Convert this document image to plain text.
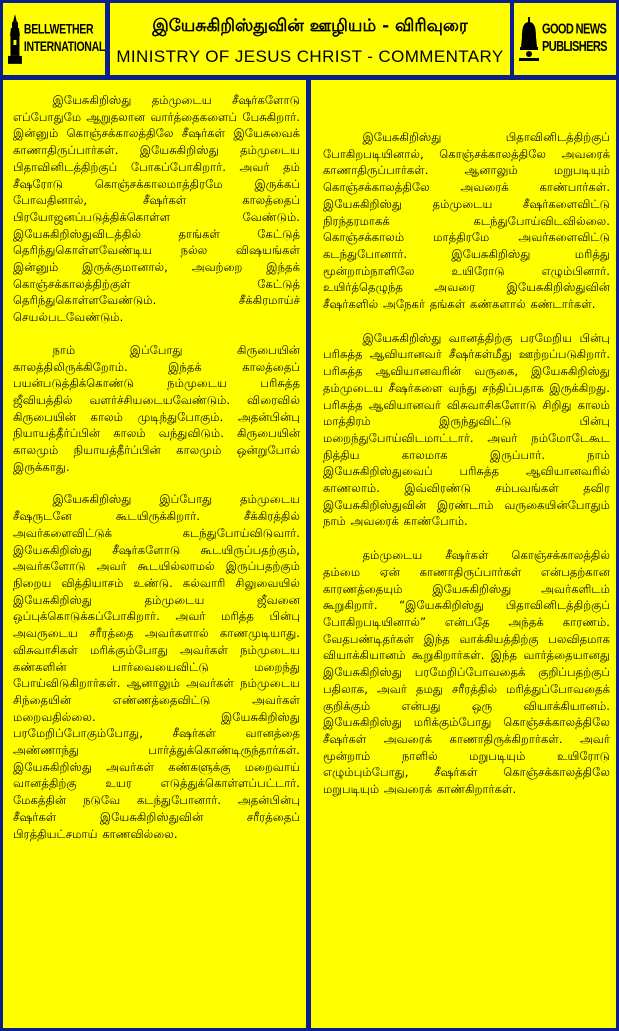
BELLWETHER
INTERNATIONAL
இயேசுகிறிஸ்துவின் ஊழியம் - விரிவுரை
MINISTRY OF JESUS CHRIST - COMMENTARY
GOOD NEWS
PUBLISHERS

இயேசுகிறிஸ்து தம்முடைய சீஷர்களோடு எப்போதுமே ஆறுதலான வார்த்தைகளைப் பேசுகிறார். இன்னும் கொஞ்சக்காலத்திலே சீஷர்கள் இயேசுவைக் காணாதிருப்பார்கள். இயேசுகிறிஸ்து தம்முடைய பிதாவினிடத்திற்குப் போகப்போகிறார். அவர் தம் சீஷரோடு கொஞ்சக்காலமாத்திரமே இருக்கப் போவதினால், சீஷர்கள் காலத்தைப் பிரயோஜனப்படுத்திக்கொள்ள வேண்டும். இயேசுகிறிஸ்துவிடத்தில் தாங்கள் கேட்டுத் தெரிந்துகொள்ளவேண்டிய நல்ல விஷயங்கள் இன்னும் இருக்குமானால், அவற்றை இந்தக் கொஞ்சக்காலத்திற்குள் கேட்டுத் தெரிந்துகொள்ளவேண்டும். சீக்கிரமாய்ச் செயல்படவேண்டும்.

நாம் இப்போது கிருபையின் காலத்திலிருக்கிறோம். இந்தக் காலத்தைப் பயன்படுத்திக்கொண்டு நம்முடைய பரிசுத்த ஜீவியத்தில் வளர்ச்சியடையவேண்டும். விரைவில் கிருபையின் காலம் முடிந்துபோகும். அதன்பின்பு நியாயத்தீர்ப்பின் காலம் வந்துவிடும். கிருபையின் காலமும் நியாயத்தீர்ப்பின் காலமும் ஒன்றுபோல் இருக்காது.

இயேசுகிறிஸ்து இப்போது தம்முடைய சீஷருடனே கூடயிருக்கிறார். சீக்கிரத்தில் அவர்களைவிட்டுக் கடந்துபோய்விடுவார். இயேசுகிறிஸ்து சீஷர்களோடு கூடயிருப்பதற்கும், அவர்களோடு அவர் கூடயில்லாமல் இருப்பதற்கும் நிறைய வித்தியாசம் உண்டு. கல்வாரி சிலுவையில் இயேசுகிறிஸ்து தம்முடைய ஜீவனை ஒப்புக்கொடுக்கப்போகிறார். அவர் மரித்த பின்பு அவருடைய சரீரத்தை அவர்களால் காணமுடியாது. விசுவாசிகள் மரிக்கும்போது அவர்கள் நம்முடைய கண்களின் பார்வையைவிட்டு மறைந்து போய்விடுகிறார்கள். ஆனாலும் அவர்கள் நம்முடைய சிந்தையின் எண்ணத்தைவிட்டு அவர்கள் மறைவதில்லை. இயேசுகிறிஸ்து பரமேறிப்போகும்போது, சீஷர்கள் வானத்தை அண்ணாந்து பார்த்துக்கொண்டிருந்தார்கள். இயேசுகிறிஸ்து அவர்கள் கண்களுக்கு மறைவாய் வானத்திற்கு உயர எடுத்துக்கொள்ளப்பட்டார். மேகத்தின் நடுவே கடந்துபோனார். அதன்பின்பு சீஷர்கள் இயேசுகிறிஸ்துவின் சரீரத்தைப் பிரத்தியட்சமாய் காணவில்லை.

இயேசுகிறிஸ்து பிதாவினிடத்திற்குப் போகிறபடியினால், கொஞ்சக்காலத்திலே அவரைக் காணாதிருப்பார்கள். ஆனாலும் மறுபடியும் கொஞ்சக்காலத்திலே அவரைக் காண்பார்கள். இயேசுகிறிஸ்து தம்முடைய சீஷர்களைவிட்டு நிரந்தரமாகக் கடந்துபோய்விடவில்லை. கொஞ்சக்காலம் மாத்திரமே அவர்களைவிட்டு கடந்துபோனார். இயேசுகிறிஸ்து மரித்து மூன்றாம்நாளிலே உயிரோடு எழும்பினார். உயிர்த்தெழுந்த அவரை இயேசுகிறிஸ்துவின் சீஷர்களில் அநேகர் தங்கள் கண்களால் கண்டார்கள்.

இயேசுகிறிஸ்து வானத்திற்கு பரமேறிய பின்பு பரிசுத்த ஆவியானவர் சீஷர்கள்மீது ஊற்றப்படுகிறார். பரிசுத்த ஆவியானவரின் வருகை, இயேசுகிறிஸ்து தம்முடைய சீஷர்களை வந்து சந்திப்பதாக இருக்கிறது. பரிசுத்த ஆவியானவர் விசுவாசிகளோடு சிறிது காலம் மாத்திரம் இருந்துவிட்டு பின்பு மறைந்துபோய்விடமாட்டார். அவர் நம்மோடேகூட நித்திய காலமாக இருப்பார். நாம் இயேசுகிறிஸ்துவைப் பரிசுத்த ஆவியானவரில் காணலாம். இவ்விரண்டு சம்பவங்கள் தவிர இயேசுகிறிஸ்துவின் இரண்டாம் வருகையின்போதும் நாம் அவரைக் காண்போம்.

தம்முடைய சீஷர்கள் கொஞ்சக்காலத்தில் தம்மை ஏன் காணாதிருப்பார்கள் என்பதற்கான காரணத்தையும் இயேசுகிறிஸ்து அவர்களிடம் கூறுகிறார். “இயேசுகிறிஸ்து பிதாவினிடத்திற்குப் போகிறபடியினால்” என்பதே அந்தக் காரணம். வேதபண்டிதர்கள் இந்த வாக்கியத்திற்கு பலவிதமாக வியாக்கியானம் கூறுகிறார்கள். இந்த வார்த்தையானது இயேசுகிறிஸ்து பரமேறிப்போவதைக் குறிப்பதற்குப் பதிலாக, அவர் தமது சரீரத்தில் மரித்துப்போவதைக் குறிக்கும் என்பது ஒரு வியாக்கியானம். இயேசுகிறிஸ்து மரிக்கும்போது கொஞ்சக்காலத்திலே சீஷர்கள் அவரைக் காணாதிருக்கிறார்கள். அவர் மூன்றாம் நாளில் மறுபடியும் உயிரோடு எழும்பும்போது, சீஷர்கள் கொஞ்சக்காலத்திலே மறுபடியும் அவரைக் காண்கிறார்கள்.
